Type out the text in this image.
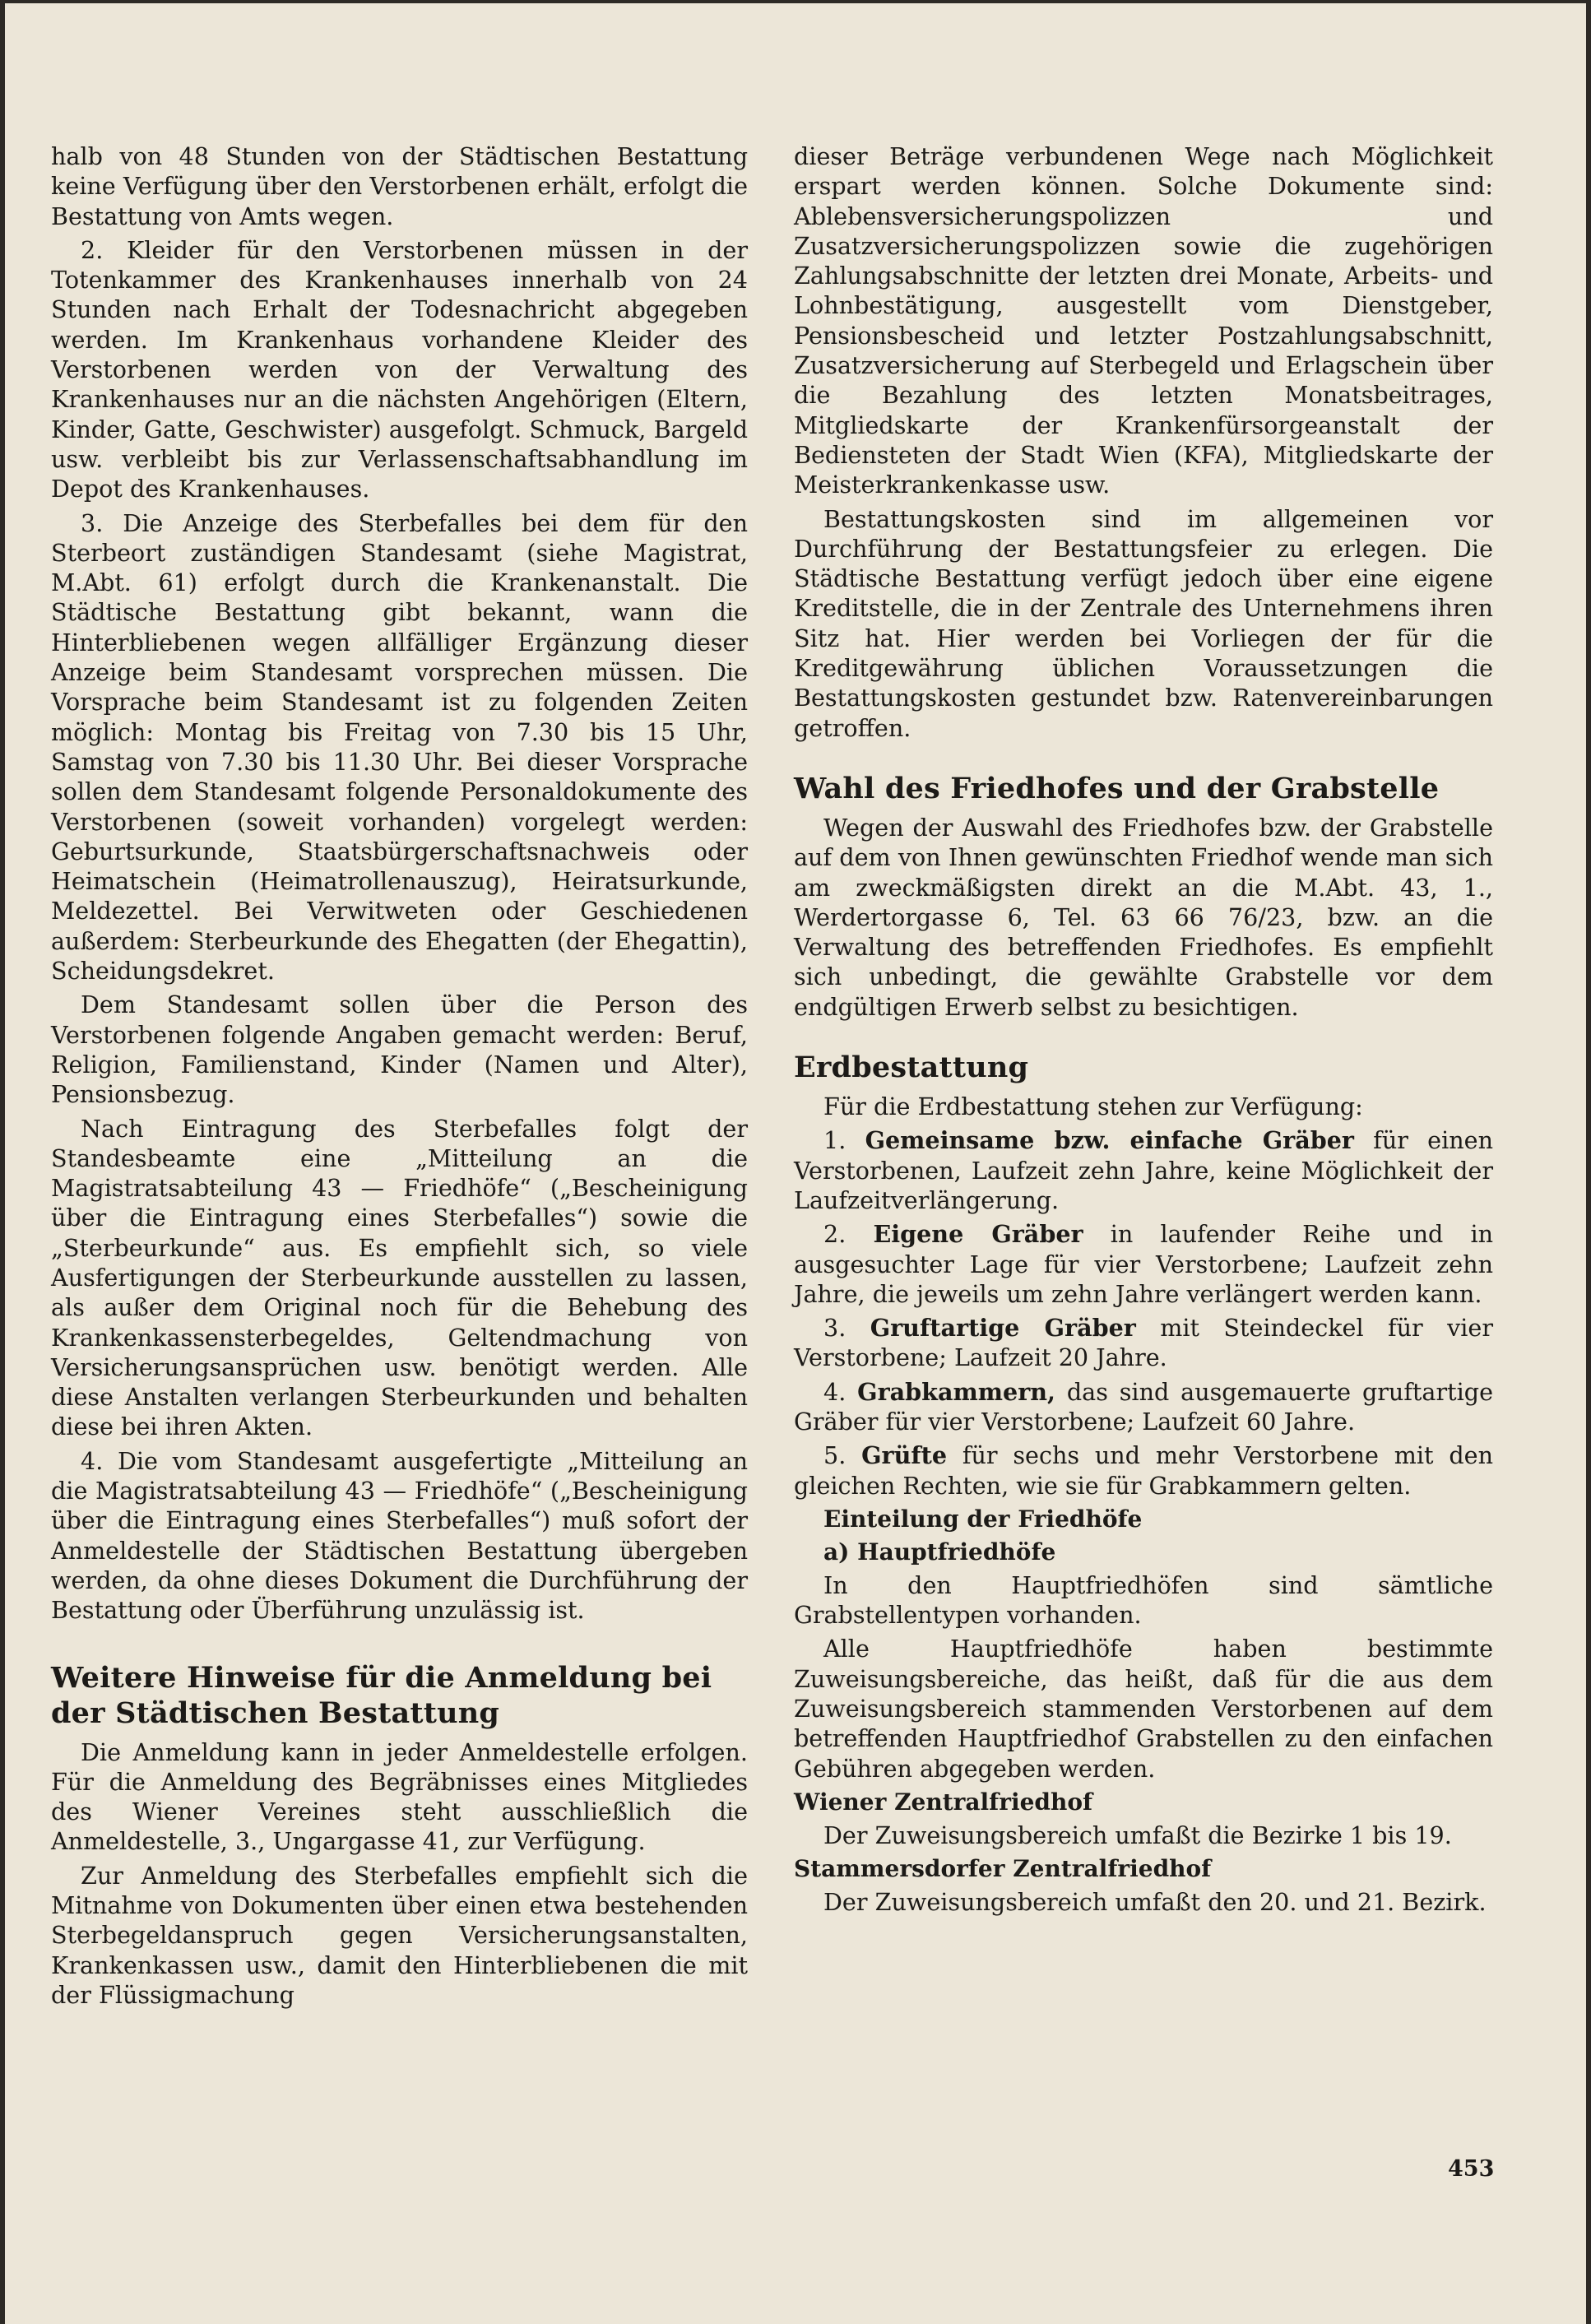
halb von 48 Stunden von der Städtischen Bestattung keine Verfügung über den Verstorbenen erhält, erfolgt die Bestattung von Amts wegen.

2. Kleider für den Verstorbenen müssen in der Totenkammer des Krankenhauses innerhalb von 24 Stunden nach Erhalt der Todesnachricht abgegeben werden. Im Krankenhaus vorhandene Kleider des Verstorbenen werden von der Verwaltung des Krankenhauses nur an die nächsten Angehörigen (Eltern, Kinder, Gatte, Geschwister) ausgefolgt. Schmuck, Bargeld usw. verbleibt bis zur Verlassenschaftsabhandlung im Depot des Krankenhauses.

3. Die Anzeige des Sterbefalles bei dem für den Sterbeort zuständigen Standesamt (siehe Magistrat, M.Abt. 61) erfolgt durch die Krankenanstalt. Die Städtische Bestattung gibt bekannt, wann die Hinterbliebenen wegen allfälliger Ergänzung dieser Anzeige beim Standesamt vorsprechen müssen. Die Vorsprache beim Standesamt ist zu folgenden Zeiten möglich: Montag bis Freitag von 7.30 bis 15 Uhr, Samstag von 7.30 bis 11.30 Uhr. Bei dieser Vorsprache sollen dem Standesamt folgende Personaldokumente des Verstorbenen (soweit vorhanden) vorgelegt werden: Geburtsurkunde, Staatsbürgerschaftsnachweis oder Heimatschein (Heimatrollenauszug), Heiratsurkunde, Meldezettel. Bei Verwitweten oder Geschiedenen außerdem: Sterbeurkunde des Ehegatten (der Ehegattin), Scheidungsdekret.

Dem Standesamt sollen über die Person des Verstorbenen folgende Angaben gemacht werden: Beruf, Religion, Familienstand, Kinder (Namen und Alter), Pensionsbezug.

Nach Eintragung des Sterbefalles folgt der Standesbeamte eine „Mitteilung an die Magistratsabteilung 43 — Friedhöfe“ („Bescheinigung über die Eintragung eines Sterbefalles“) sowie die „Sterbeurkunde“ aus. Es empfiehlt sich, so viele Ausfertigungen der Sterbeurkunde ausstellen zu lassen, als außer dem Original noch für die Behebung des Krankenkassensterbegeldes, Geltendmachung von Versicherungsansprüchen usw. benötigt werden. Alle diese Anstalten verlangen Sterbeurkunden und behalten diese bei ihren Akten.

4. Die vom Standesamt ausgefertigte „Mitteilung an die Magistratsabteilung 43 — Friedhöfe“ („Bescheinigung über die Eintragung eines Sterbefalles“) muß sofort der Anmeldestelle der Städtischen Bestattung übergeben werden, da ohne dieses Dokument die Durchführung der Bestattung oder Überführung unzulässig ist.

Weitere Hinweise für die Anmeldung bei der Städtischen Bestattung

Die Anmeldung kann in jeder Anmeldestelle erfolgen. Für die Anmeldung des Begräbnisses eines Mitgliedes des Wiener Vereines steht ausschließlich die Anmeldestelle, 3., Ungargasse 41, zur Verfügung.

Zur Anmeldung des Sterbefalles empfiehlt sich die Mitnahme von Dokumenten über einen etwa bestehenden Sterbegeldanspruch gegen Versicherungsanstalten, Krankenkassen usw., damit den Hinterbliebenen die mit der Flüssigmachung

dieser Beträge verbundenen Wege nach Möglichkeit erspart werden können. Solche Dokumente sind: Ablebensversicherungspolizzen und Zusatzversicherungspolizzen sowie die zugehörigen Zahlungsabschnitte der letzten drei Monate, Arbeits- und Lohnbestätigung, ausgestellt vom Dienstgeber, Pensionsbescheid und letzter Postzahlungsabschnitt, Zusatzversicherung auf Sterbegeld und Erlagschein über die Bezahlung des letzten Monatsbeitrages, Mitgliedskarte der Krankenfürsorgeanstalt der Bediensteten der Stadt Wien (KFA), Mitgliedskarte der Meisterkrankenkasse usw.

Bestattungskosten sind im allgemeinen vor Durchführung der Bestattungsfeier zu erlegen. Die Städtische Bestattung verfügt jedoch über eine eigene Kreditstelle, die in der Zentrale des Unternehmens ihren Sitz hat. Hier werden bei Vorliegen der für die Kreditgewährung üblichen Voraussetzungen die Bestattungskosten gestundet bzw. Ratenvereinbarungen getroffen.

Wahl des Friedhofes und der Grabstelle

Wegen der Auswahl des Friedhofes bzw. der Grabstelle auf dem von Ihnen gewünschten Friedhof wende man sich am zweckmäßigsten direkt an die M.Abt. 43, 1., Werdertorgasse 6, Tel. 63 66 76/23, bzw. an die Verwaltung des betreffenden Friedhofes. Es empfiehlt sich unbedingt, die gewählte Grabstelle vor dem endgültigen Erwerb selbst zu besichtigen.

Erdbestattung

Für die Erdbestattung stehen zur Verfügung:

1. Gemeinsame bzw. einfache Gräber für einen Verstorbenen, Laufzeit zehn Jahre, keine Möglichkeit der Laufzeitverlängerung.

2. Eigene Gräber in laufender Reihe und in ausgesuchter Lage für vier Verstorbene; Laufzeit zehn Jahre, die jeweils um zehn Jahre verlängert werden kann.

3. Gruftartige Gräber mit Steindeckel für vier Verstorbene; Laufzeit 20 Jahre.

4. Grabkammern, das sind ausgemauerte gruftartige Gräber für vier Verstorbene; Laufzeit 60 Jahre.

5. Grüfte für sechs und mehr Verstorbene mit den gleichen Rechten, wie sie für Grabkammern gelten.

Einteilung der Friedhöfe
a) Hauptfriedhöfe

In den Hauptfriedhöfen sind sämtliche Grabstellentypen vorhanden.

Alle Hauptfriedhöfe haben bestimmte Zuweisungsbereiche, das heißt, daß für die aus dem Zuweisungsbereich stammenden Verstorbenen auf dem betreffenden Hauptfriedhof Grabstellen zu den einfachen Gebühren abgegeben werden.

Wiener Zentralfriedhof

Der Zuweisungsbereich umfaßt die Bezirke 1 bis 19.

Stammersdorfer Zentralfriedhof

Der Zuweisungsbereich umfaßt den 20. und 21. Bezirk.

453
